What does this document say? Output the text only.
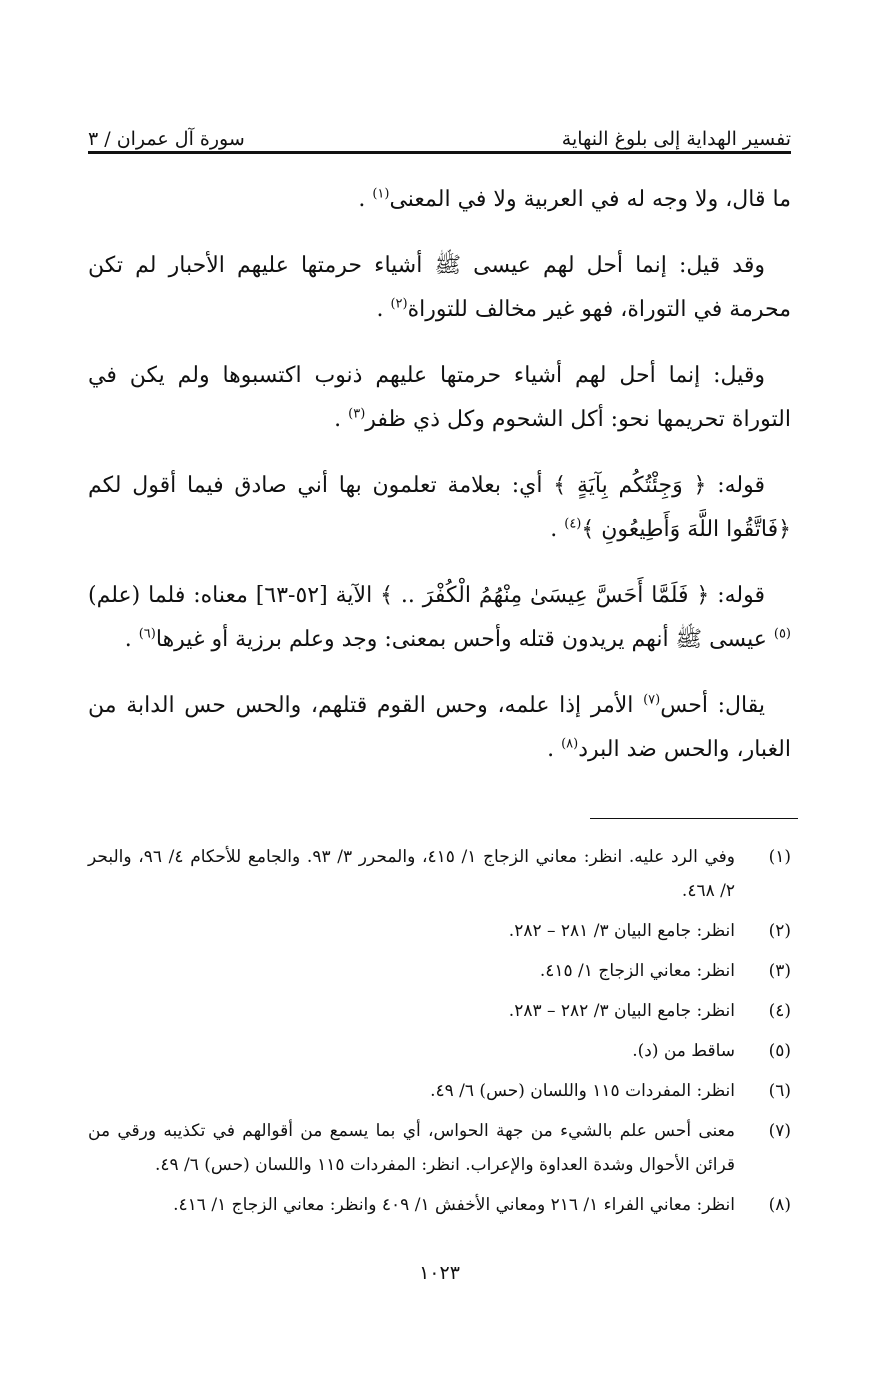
تفسير الهداية إلى بلوغ النهاية
سورة آل عمران / ٣

ما قال، ولا وجه له في العربية ولا في المعنى$^{(١)}$ .

وقد قيل: إنما أحل لهم عيسى ﷺ أشياء حرمتها عليهم الأحبار لم تكن محرمة في التوراة، فهو غير مخالف للتوراة$^{(٢)}$ .

وقيل: إنما أحل لهم أشياء حرمتها عليهم ذنوب اكتسبوها ولم يكن في التوراة تحريمها نحو: أكل الشحوم وكل ذي ظفر$^{(٣)}$ .

قوله: ﴿ وَجِئْتُكُم بِآيَةٍ ﴾ أي: بعلامة تعلمون بها أني صادق فيما أقول لكم ﴿فَاتَّقُوا اللَّهَ وَأَطِيعُونِ ﴾$^{(٤)}$ .

قوله: ﴿ فَلَمَّا أَحَسَّ عِيسَىٰ مِنْهُمُ الْكُفْرَ .. ﴾ الآية [٥٢-٦٣] معناه: فلما (علم)$^{(٥)}$ عيسى ﷺ أنهم يريدون قتله وأحس بمعنى: وجد وعلم برزية أو غيرها$^{(٦)}$ .

يقال: أحس$^{(٧)}$ الأمر إذا علمه، وحس القوم قتلهم، والحس حس الدابة من الغبار، والحس ضد البرد$^{(٨)}$ .

(١)
وفي الرد عليه. انظر: معاني الزجاج ١/ ٤١٥، والمحرر ٣/ ٩٣. والجامع للأحكام ٤/ ٩٦، والبحر ٢/ ٤٦٨.
(٢)
انظر: جامع البيان ٣/ ٢٨١ – ٢٨٢.
(٣)
انظر: معاني الزجاج ١/ ٤١٥.
(٤)
انظر: جامع البيان ٣/ ٢٨٢ – ٢٨٣.
(٥)
ساقط من (د).
(٦)
انظر: المفردات ١١٥ واللسان (حس) ٦/ ٤٩.
(٧)
معنى أحس علم بالشيء من جهة الحواس، أي بما يسمع من أقوالهم في تكذيبه ورقي من قرائن الأحوال وشدة العداوة والإعراب. انظر: المفردات ١١٥ واللسان (حس) ٦/ ٤٩.
(٨)
انظر: معاني الفراء ١/ ٢١٦ ومعاني الأخفش ١/ ٤٠٩ وانظر: معاني الزجاج ١/ ٤١٦.
١٠٢٣
